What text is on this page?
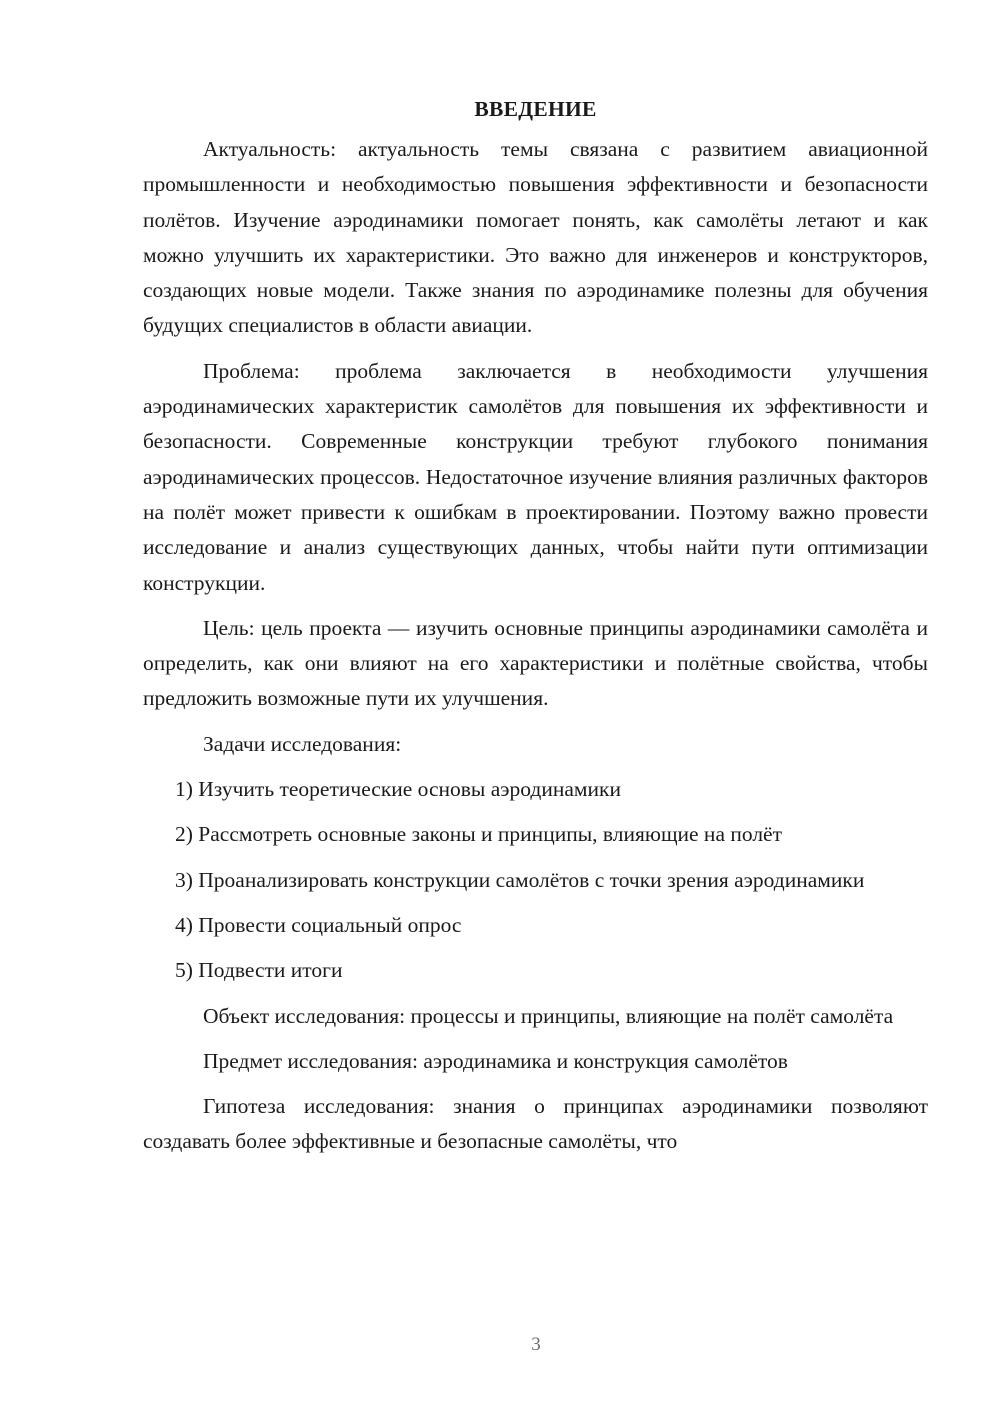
ВВЕДЕНИЕ

Актуальность: актуальность темы связана с развитием авиационной промышленности и необходимостью повышения эффективности и безопасности полётов. Изучение аэродинамики помогает понять, как самолёты летают и как можно улучшить их характеристики. Это важно для инженеров и конструкторов, создающих новые модели. Также знания по аэродинамике полезны для обучения будущих специалистов в области авиации.

Проблема: проблема заключается в необходимости улучшения аэродинамических характеристик самолётов для повышения их эффективности и безопасности. Современные конструкции требуют глубокого понимания аэродинамических процессов. Недостаточное изучение влияния различных факторов на полёт может привести к ошибкам в проектировании. Поэтому важно провести исследование и анализ существующих данных, чтобы найти пути оптимизации конструкции.

Цель: цель проекта — изучить основные принципы аэродинамики самолёта и определить, как они влияют на его характеристики и полётные свойства, чтобы предложить возможные пути их улучшения.

Задачи исследования:

1) Изучить теоретические основы аэродинамики

2) Рассмотреть основные законы и принципы, влияющие на полёт

3) Проанализировать конструкции самолётов с точки зрения аэродинамики

4) Провести социальный опрос

5) Подвести итоги

Объект исследования: процессы и принципы, влияющие на полёт самолёта

Предмет исследования: аэродинамика и конструкция самолётов

Гипотеза исследования: знания о принципах аэродинамики позволяют создавать более эффективные и безопасные самолёты, что

3
